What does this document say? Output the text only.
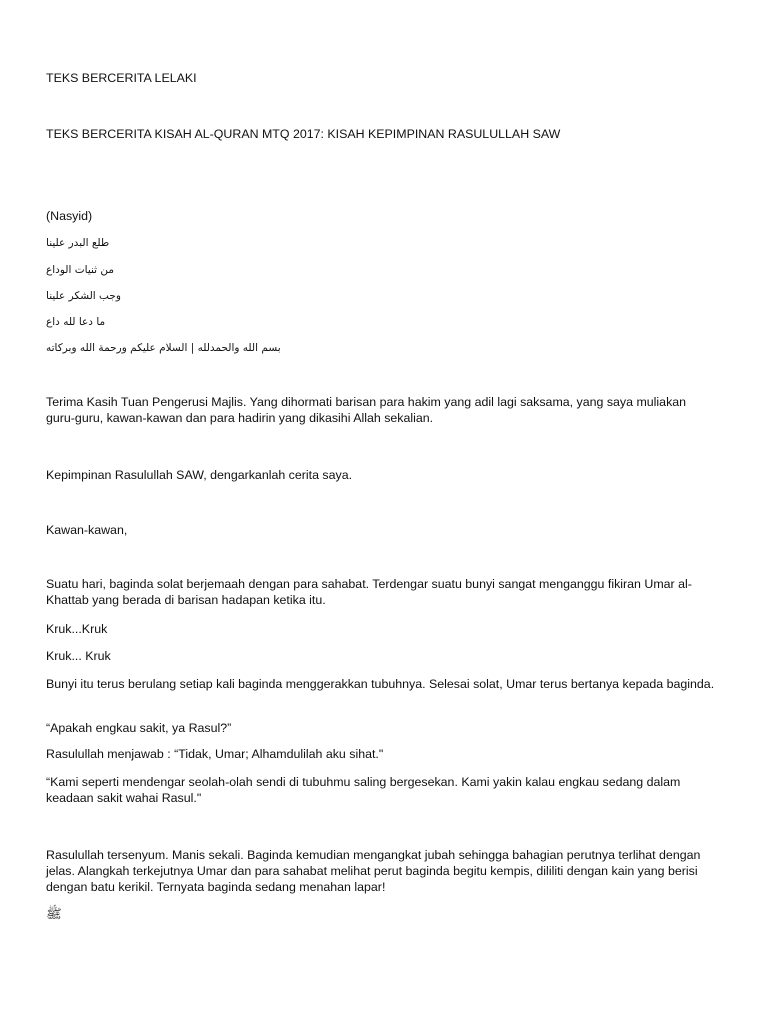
TEKS BERCERITA LELAKI
TEKS BERCERITA KISAH AL-QURAN MTQ 2017: KISAH KEPIMPINAN RASULULLAH SAW
(Nasyid)
طلع البدر علينا
من ثنيات الوداع
وجب الشكر علينا
ما دعا لله داع
بسم الله والحمدلله | السلام عليكم ورحمة الله وبركاته
Terima Kasih Tuan Pengerusi Majlis. Yang dihormati barisan para hakim yang adil lagi saksama, yang saya muliakan guru-guru, kawan-kawan dan para hadirin yang dikasihi Allah sekalian.
Kepimpinan Rasulullah SAW, dengarkanlah cerita saya.
Kawan-kawan,
Suatu hari, baginda solat berjemaah dengan para sahabat. Terdengar suatu bunyi sangat menganggu fikiran Umar al-Khattab yang berada di barisan hadapan ketika itu.
Kruk...Kruk
Kruk... Kruk
Bunyi itu terus berulang setiap kali baginda menggerakkan tubuhnya. Selesai solat, Umar terus bertanya kepada baginda.
“Apakah engkau sakit, ya Rasul?”
Rasulullah menjawab : “Tidak, Umar; Alhamdulilah aku sihat."
“Kami seperti mendengar seolah-olah sendi di tubuhmu saling bergesekan. Kami yakin kalau engkau sedang dalam keadaan sakit wahai Rasul."
Rasulullah tersenyum. Manis sekali. Baginda kemudian mengangkat jubah sehingga bahagian perutnya terlihat dengan jelas. Alangkah terkejutnya Umar dan para sahabat melihat perut baginda begitu kempis, dililiti dengan kain yang berisi dengan batu kerikil. Ternyata baginda sedang menahan lapar!
ﷺ
